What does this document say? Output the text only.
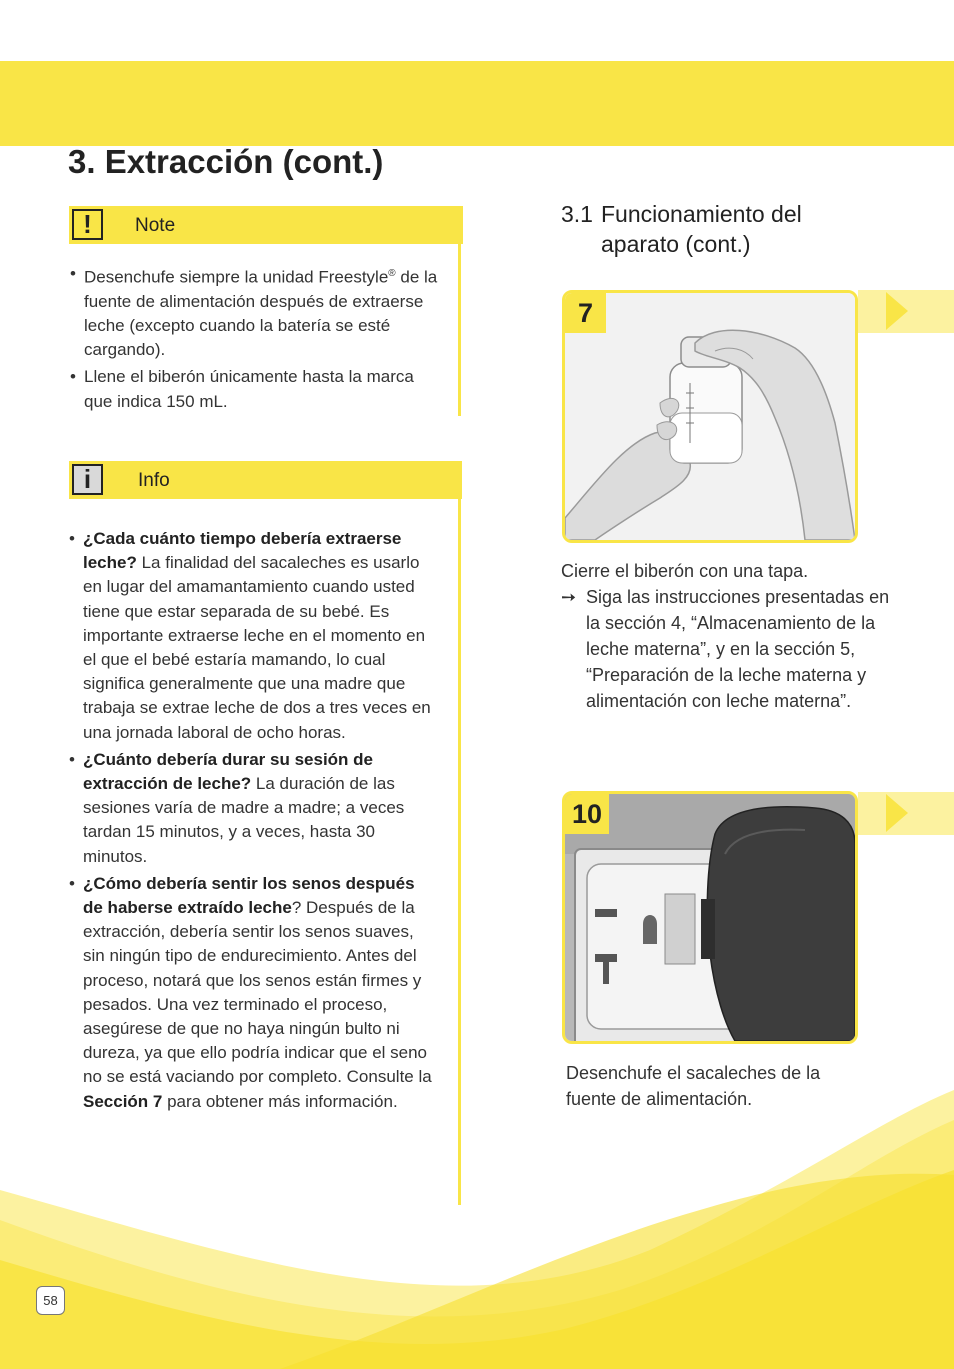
3. Extracción (cont.)
!	Note
• Desenchufe siempre la unidad Freestyle® de la fuente de alimentación después de extraerse leche (excepto cuando la batería se esté cargando).
• Llene el biberón únicamente hasta la marca que indica 150 mL.
i	Info
• ¿Cada cuánto tiempo debería extraerse leche? La finalidad del sacaleches es usarlo en lugar del amamantamiento cuando usted tiene que estar separada de su bebé. Es importante extraerse leche en el momento en el que el bebé estaría mamando, lo cual significa generalmente que una madre que trabaja se extrae leche de dos a tres veces en una jornada laboral de ocho horas.
• ¿Cuánto debería durar su sesión de extracción de leche? La duración de las sesiones varía de madre a madre; a veces tardan 15 minutos, y a veces, hasta 30 minutos.
• ¿Cómo debería sentir los senos después de haberse extraído leche? Después de la extracción, debería sentir los senos suaves, sin ningún tipo de endurecimiento. Antes del proceso, notará que los senos están firmes y pesados. Una vez terminado el proceso, asegúrese de que no haya ningún bulto ni dureza, ya que ello podría indicar que el seno no se está vaciando por completo. Consulte la Sección 7 para obtener más información.
3.1 Funcionamiento del
aparato (cont.)
7
Cierre el biberón con una tapa.
➙ Siga las instrucciones presentadas en la sección 4, “Almacenamiento de la leche materna”, y en la sección 5, “Preparación de la leche materna y alimentación con leche materna”.
10
Desenchufe el sacaleches de la fuente de alimentación.
58
